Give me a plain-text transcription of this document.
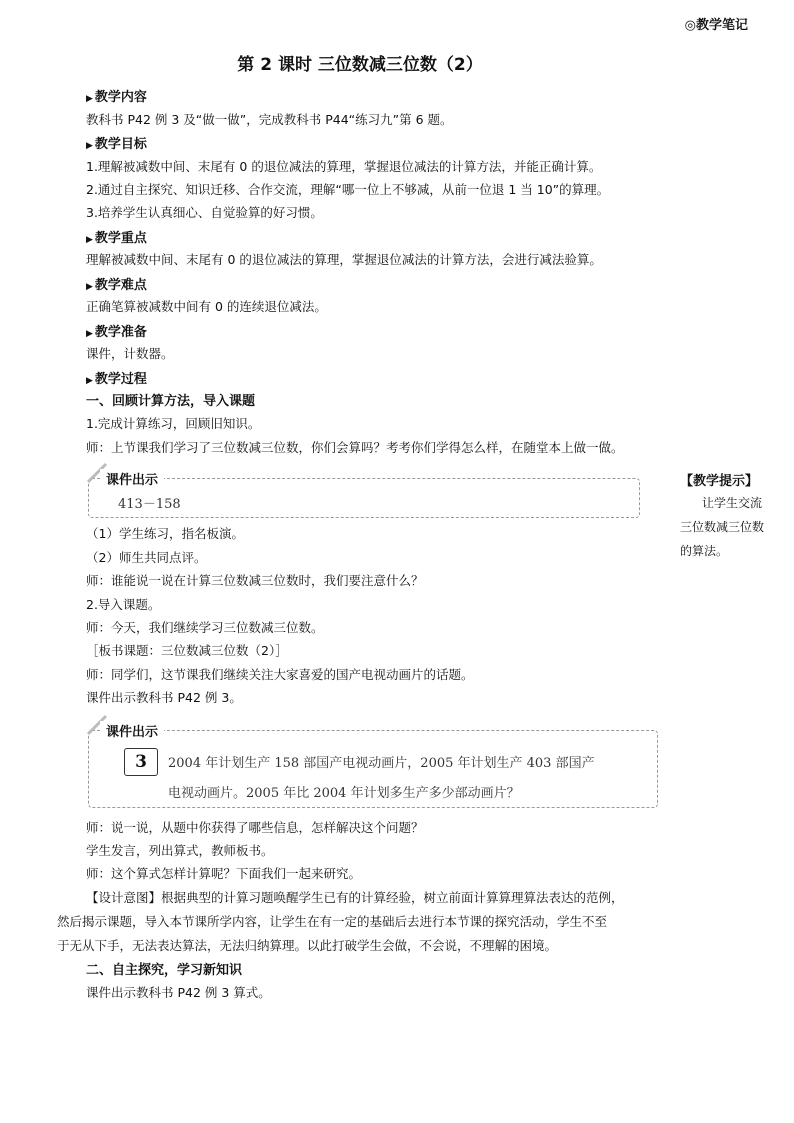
◎教学笔记
第 2 课时 三位数减三位数（2）
▶ 教学内容
教科书 P42 例 3 及“做一做”，完成教科书 P44“练习九”第 6 题。
▶ 教学目标
1.理解被减数中间、末尾有 0 的退位减法的算理，掌握退位减法的计算方法，并能正确计算。
2.通过自主探究、知识迁移、合作交流，理解“哪一位上不够减，从前一位退 1 当 10”的算理。
3.培养学生认真细心、自觉验算的好习惯。
▶ 教学重点
理解被减数中间、末尾有 0 的退位减法的算理，掌握退位减法的计算方法，会进行减法验算。
▶ 教学难点
正确笔算被减数中间有 0 的连续退位减法。
▶ 教学准备
课件，计数器。
▶ 教学过程
一、回顾计算方法，导入课题
1.完成计算练习，回顾旧知识。
师：上节课我们学习了三位数减三位数，你们会算吗？考考你们学得怎么样，在随堂本上做一做。
课件出示
413－158
（1）学生练习，指名板演。
（2）师生共同点评。
师：谁能说一说在计算三位数减三位数时，我们要注意什么？
2.导入课题。
师：今天，我们继续学习三位数减三位数。
［板书课题：三位数减三位数（2）］
师：同学们，这节课我们继续关注大家喜爱的国产电视动画片的话题。
课件出示教科书 P42 例 3。
课件出示
3	2004 年计划生产 158 部国产电视动画片，2005 年计划生产 403 部国产
电视动画片。2005 年比 2004 年计划多生产多少部动画片？
师：说一说，从题中你获得了哪些信息，怎样解决这个问题？
学生发言，列出算式，教师板书。
师：这个算式怎样计算呢？下面我们一起来研究。
【设计意图】根据典型的计算习题唤醒学生已有的计算经验，树立前面计算算理算法表达的范例，
然后揭示课题，导入本节课所学内容，让学生在有一定的基础后去进行本节课的探究活动，学生不至
于无从下手，无法表达算法，无法归纳算理。以此打破学生会做，不会说，不理解的困境。
二、自主探究，学习新知识
课件出示教科书 P42 例 3 算式。
【教学提示】
让学生交流
三位数减三位数
的算法。
